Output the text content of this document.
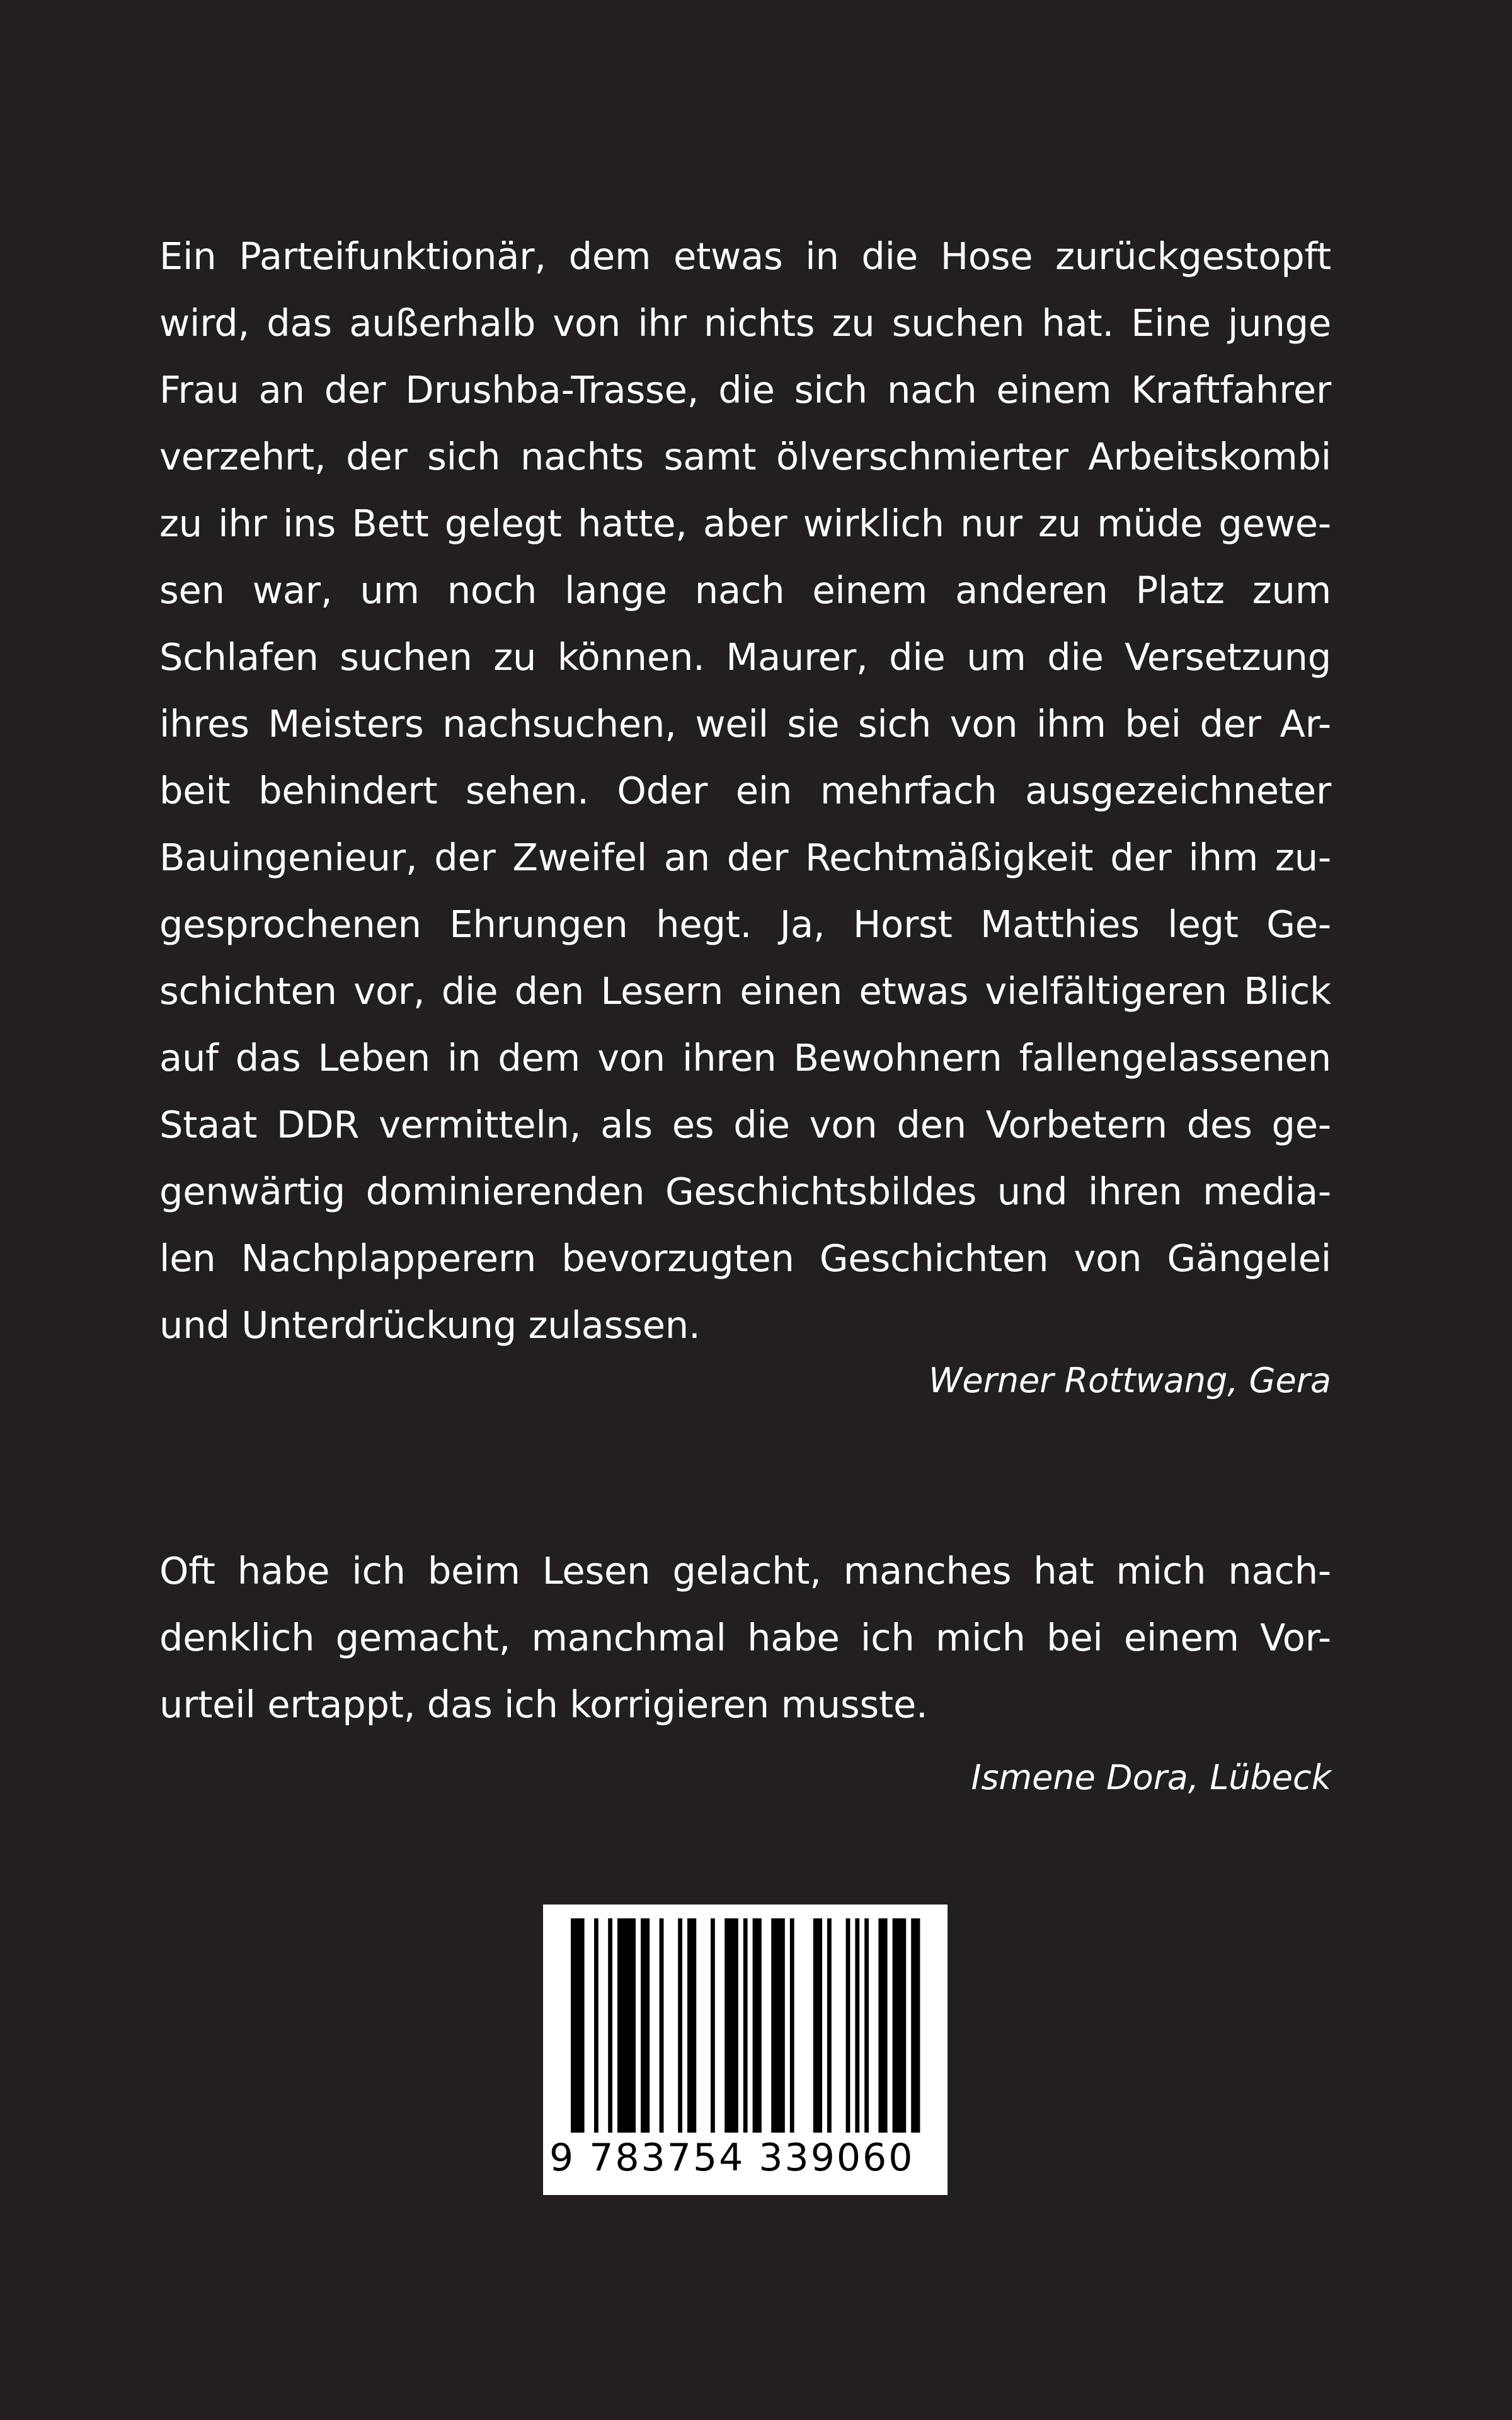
Ein Parteifunktionär, dem etwas in die Hose zurückgestopft
wird, das außerhalb von ihr nichts zu suchen hat. Eine junge
Frau an der Drushba-Trasse, die sich nach einem Kraftfahrer
verzehrt, der sich nachts samt ölverschmierter Arbeitskombi
zu ihr ins Bett gelegt hatte, aber wirklich nur zu müde gewe-
sen war, um noch lange nach einem anderen Platz zum
Schlafen suchen zu können. Maurer, die um die Versetzung
ihres Meisters nachsuchen, weil sie sich von ihm bei der Ar-
beit behindert sehen. Oder ein mehrfach ausgezeichneter
Bauingenieur, der Zweifel an der Rechtmäßigkeit der ihm zu-
gesprochenen Ehrungen hegt. Ja, Horst Matthies legt Ge-
schichten vor, die den Lesern einen etwas vielfältigeren Blick
auf das Leben in dem von ihren Bewohnern fallengelassenen
Staat DDR vermitteln, als es die von den Vorbetern des ge-
genwärtig dominierenden Geschichtsbildes und ihren media-
len Nachplapperern bevorzugten Geschichten von Gängelei
und Unterdrückung zulassen.
Werner Rottwang, Gera
Oft habe ich beim Lesen gelacht, manches hat mich nach-
denklich gemacht, manchmal habe ich mich bei einem Vor-
urteil ertappt, das ich korrigieren musste.
Ismene Dora, Lübeck
9 783754 339060
